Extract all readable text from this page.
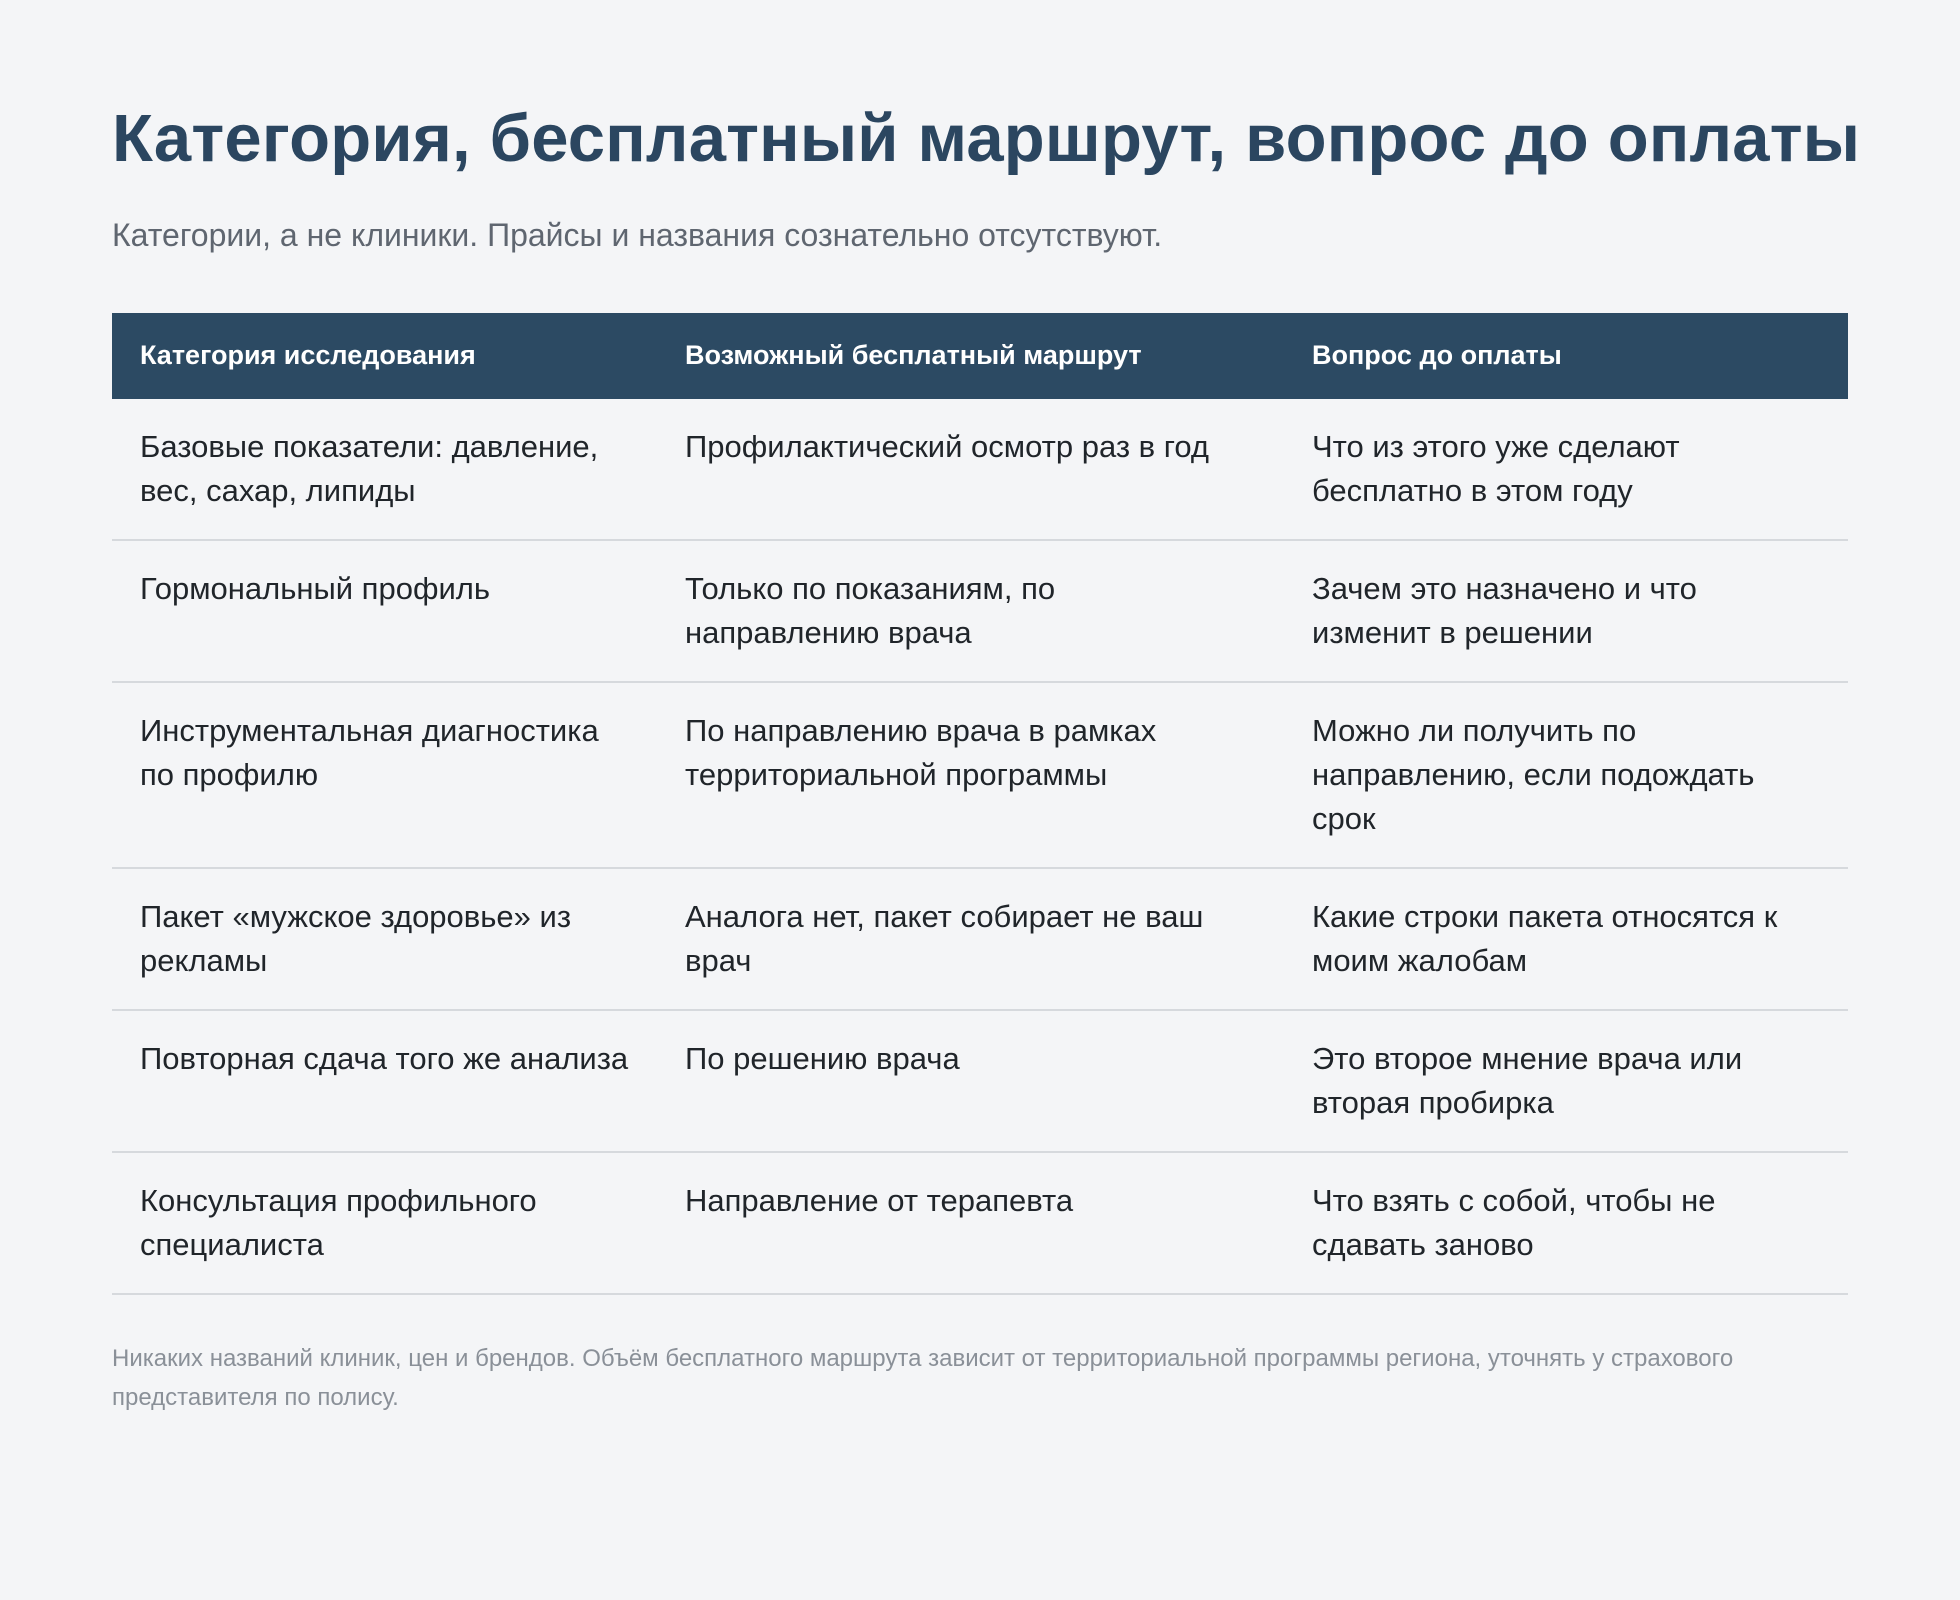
Категория, бесплатный маршрут, вопрос до оплаты

Категории, а не клиники. Прайсы и названия сознательно отсутствуют.

Категория исследования	Возможный бесплатный маршрут	Вопрос до оплаты
Базовые показатели: давление, вес, сахар, липиды	Профилактический осмотр раз в год	Что из этого уже сделают бесплатно в этом году
Гормональный профиль	Только по показаниям, по направлению врача	Зачем это назначено и что изменит в решении
Инструментальная диагностика по профилю	По направлению врача в рамках территориальной программы	Можно ли получить по направлению, если подождать срок
Пакет «мужское здоровье» из рекламы	Аналога нет, пакет собирает не ваш врач	Какие строки пакета относятся к моим жалобам
Повторная сдача того же анализа	По решению врача	Это второе мнение врача или вторая пробирка
Консультация профильного специалиста	Направление от терапевта	Что взять с собой, чтобы не сдавать заново

Никаких названий клиник, цен и брендов. Объём бесплатного маршрута зависит от территориальной программы региона, уточнять у страхового представителя по полису.
